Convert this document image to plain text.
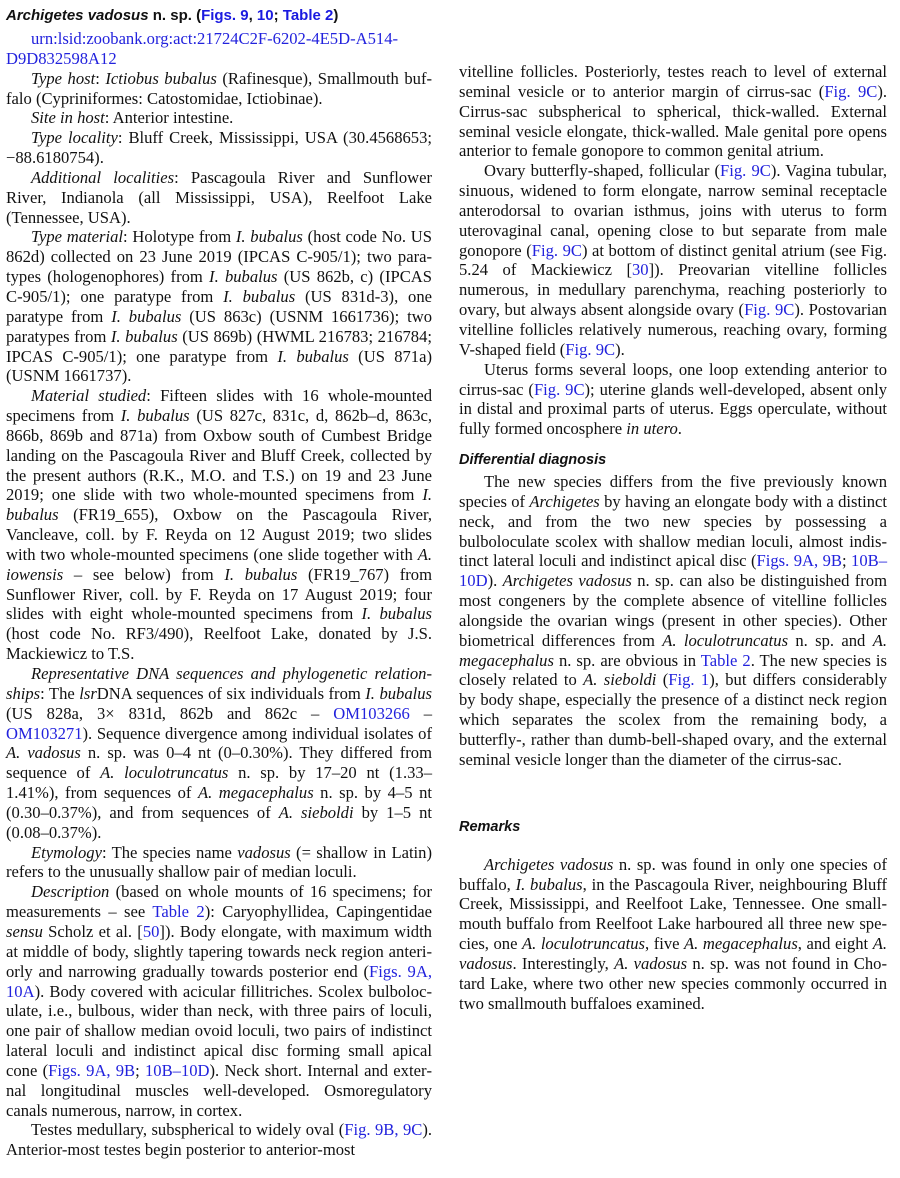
Archigetes vadosus n. sp. (Figs. 9, 10; Table 2)

urn:lsid:zoobank.org:act:21724C2F-6202-4E5D-A514-D9D832598A12

Type host: Ictiobus bubalus (Rafinesque), Smallmouth buffalo (Cypriniformes: Catostomidae, Ictiobinae).

Site in host: Anterior intestine.

Type locality: Bluff Creek, Mississippi, USA (30.4568653; −88.6180754).

Additional localities: Pascagoula River and Sunflower River, Indianola (all Mississippi, USA), Reelfoot Lake (Tennessee, USA).

Type material: Holotype from I. bubalus (host code No. US 862d) collected on 23 June 2019 (IPCAS C-905/1); two paratypes (hologenophores) from I. bubalus (US 862b, c) (IPCAS C-905/1); one paratype from I. bubalus (US 831d-3), one paratype from I. bubalus (US 863c) (USNM 1661736); two paratypes from I. bubalus (US 869b) (HWML 216783; 216784; IPCAS C-905/1); one paratype from I. bubalus (US 871a) (USNM 1661737).

Material studied: Fifteen slides with 16 whole-mounted specimens from I. bubalus (US 827c, 831c, d, 862b–d, 863c, 866b, 869b and 871a) from Oxbow south of Cumbest Bridge landing on the Pascagoula River and Bluff Creek, collected by the present authors (R.K., M.O. and T.S.) on 19 and 23 June 2019; one slide with two whole-mounted specimens from I. bubalus (FR19_655), Oxbow on the Pascagoula River, Vancleave, coll. by F. Reyda on 12 August 2019; two slides with two whole-mounted specimens (one slide together with A. iowensis – see below) from I. bubalus (FR19_767) from Sunflower River, coll. by F. Reyda on 17 August 2019; four slides with eight whole-mounted specimens from I. bubalus (host code No. RF3/490), Reelfoot Lake, donated by J.S. Mackiewicz to T.S.

Representative DNA sequences and phylogenetic relationships: The lsrDNA sequences of six individuals from I. bubalus (US 828a, 3× 831d, 862b and 862c – OM103266 – OM103271). Sequence divergence among individual isolates of A. vadosus n. sp. was 0–4 nt (0–0.30%). They differed from sequence of A. loculotruncatus n. sp. by 17–20 nt (1.33–1.41%), from sequences of A. megacephalus n. sp. by 4–5 nt (0.30–0.37%), and from sequences of A. sieboldi by 1–5 nt (0.08–0.37%).

Etymology: The species name vadosus (= shallow in Latin) refers to the unusually shallow pair of median loculi.

Description (based on whole mounts of 16 specimens; for measurements – see Table 2): Caryophyllidea, Capingentidae sensu Scholz et al. [50]). Body elongate, with maximum width at middle of body, slightly tapering towards neck region anteriorly and narrowing gradually towards posterior end (Figs. 9A, 10A). Body covered with acicular fillitriches. Scolex bulboloculate, i.e., bulbous, wider than neck, with three pairs of loculi, one pair of shallow median ovoid loculi, two pairs of indistinct lateral loculi and indistinct apical disc forming small apical cone (Figs. 9A, 9B; 10B–10D). Neck short. Internal and external longitudinal muscles well-developed. Osmoregulatory canals numerous, narrow, in cortex.

Testes medullary, subspherical to widely oval (Fig. 9B, 9C). Anterior-most testes begin posterior to anterior-most

vitelline follicles. Posteriorly, testes reach to level of external seminal vesicle or to anterior margin of cirrus-sac (Fig. 9C). Cirrus-sac subspherical to spherical, thick-walled. External seminal vesicle elongate, thick-walled. Male genital pore opens anterior to female gonopore to common genital atrium.

Ovary butterfly-shaped, follicular (Fig. 9C). Vagina tubular, sinuous, widened to form elongate, narrow seminal receptacle anterodorsal to ovarian isthmus, joins with uterus to form uterovaginal canal, opening close to but separate from male gonopore (Fig. 9C) at bottom of distinct genital atrium (see Fig. 5.24 of Mackiewicz [30]). Preovarian vitelline follicles numerous, in medullary parenchyma, reaching posteriorly to ovary, but always absent alongside ovary (Fig. 9C). Postovarian vitelline follicles relatively numerous, reaching ovary, forming V-shaped field (Fig. 9C).

Uterus forms several loops, one loop extending anterior to cirrus-sac (Fig. 9C); uterine glands well-developed, absent only in distal and proximal parts of uterus. Eggs operculate, without fully formed oncosphere in utero.

Differential diagnosis

The new species differs from the five previously known species of Archigetes by having an elongate body with a distinct neck, and from the two new species by possessing a bulboloculate scolex with shallow median loculi, almost indistinct lateral loculi and indistinct apical disc (Figs. 9A, 9B; 10B–10D). Archigetes vadosus n. sp. can also be distinguished from most congeners by the complete absence of vitelline follicles alongside the ovarian wings (present in other species). Other biometrical differences from A. loculotruncatus n. sp. and A. megacephalus n. sp. are obvious in Table 2. The new species is closely related to A. sieboldi (Fig. 1), but differs considerably by body shape, especially the presence of a distinct neck region which separates the scolex from the remaining body, a butterfly-, rather than dumb-bell-shaped ovary, and the external seminal vesicle longer than the diameter of the cirrus-sac.

Remarks

Archigetes vadosus n. sp. was found in only one species of buffalo, I. bubalus, in the Pascagoula River, neighbouring Bluff Creek, Mississippi, and Reelfoot Lake, Tennessee. One smallmouth buffalo from Reelfoot Lake harboured all three new species, one A. loculotruncatus, five A. megacephalus, and eight A. vadosus. Interestingly, A. vadosus n. sp. was not found in Chotard Lake, where two other new species commonly occurred in two smallmouth buffaloes examined.
